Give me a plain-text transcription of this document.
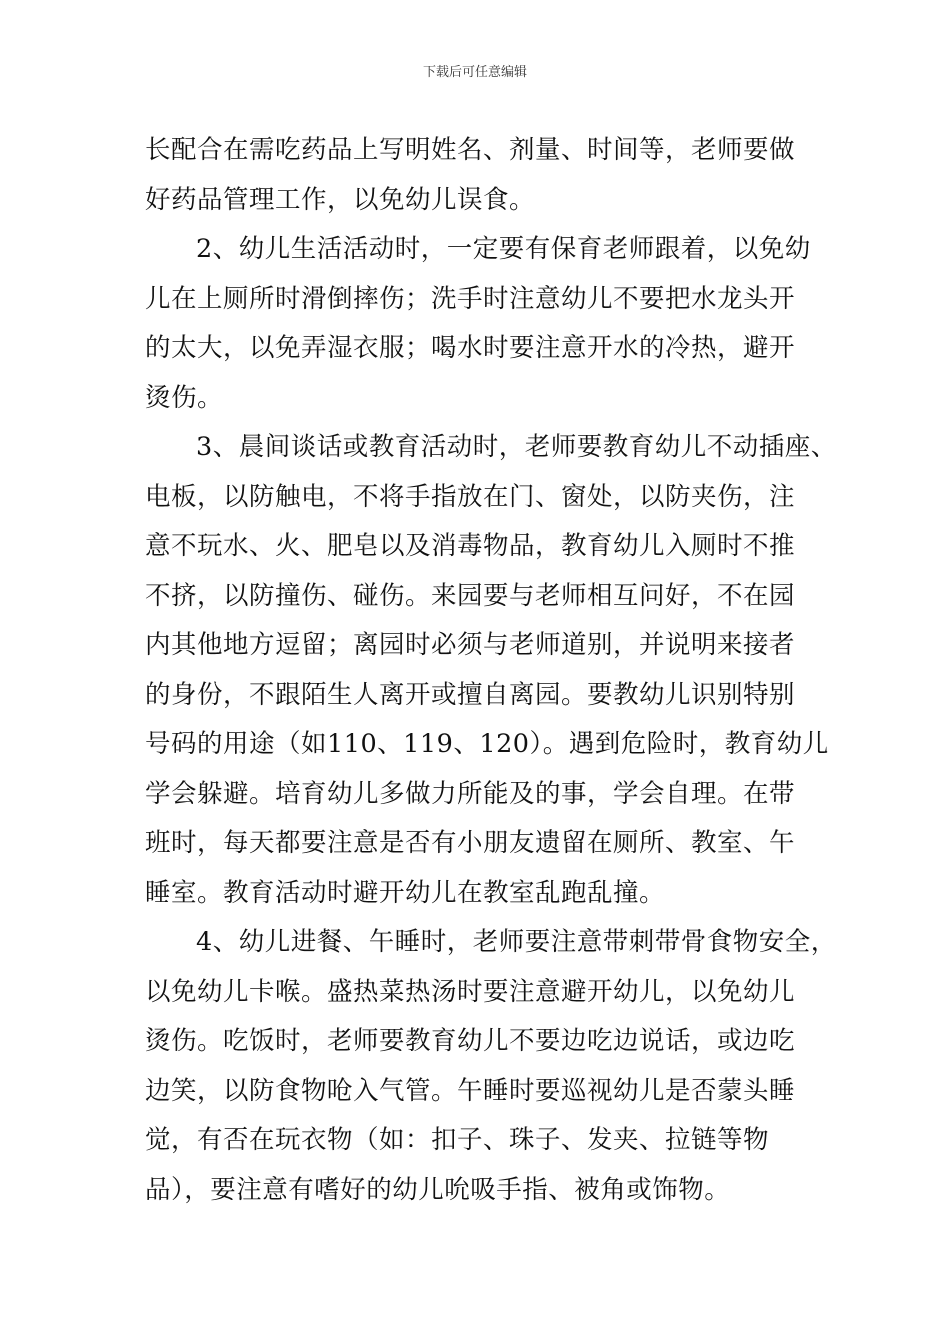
下载后可任意编辑
长配合在需吃药品上写明姓名、剂量、时间等，老师要做
好药品管理工作，以免幼儿误食。
2、幼儿生活活动时，一定要有保育老师跟着，以免幼
儿在上厕所时滑倒摔伤；洗手时注意幼儿不要把水龙头开
的太大，以免弄湿衣服；喝水时要注意开水的冷热，避开
烫伤。
3、晨间谈话或教育活动时，老师要教育幼儿不动插座、
电板，以防触电，不将手指放在门、窗处，以防夹伤，注
意不玩水、火、肥皂以及消毒物品，教育幼儿入厕时不推
不挤，以防撞伤、碰伤。来园要与老师相互问好，不在园
内其他地方逗留；离园时必须与老师道别，并说明来接者
的身份，不跟陌生人离开或擅自离园。要教幼儿识别特别
号码的用途（如110、119、120）。遇到危险时，教育幼儿
学会躲避。培育幼儿多做力所能及的事，学会自理。在带
班时，每天都要注意是否有小朋友遗留在厕所、教室、午
睡室。教育活动时避开幼儿在教室乱跑乱撞。
4、幼儿进餐、午睡时，老师要注意带刺带骨食物安全，
以免幼儿卡喉。盛热菜热汤时要注意避开幼儿，以免幼儿
烫伤。吃饭时，老师要教育幼儿不要边吃边说话，或边吃
边笑，以防食物呛入气管。午睡时要巡视幼儿是否蒙头睡
觉，有否在玩衣物（如：扣子、珠子、发夹、拉链等物
品），要注意有嗜好的幼儿吮吸手指、被角或饰物。
